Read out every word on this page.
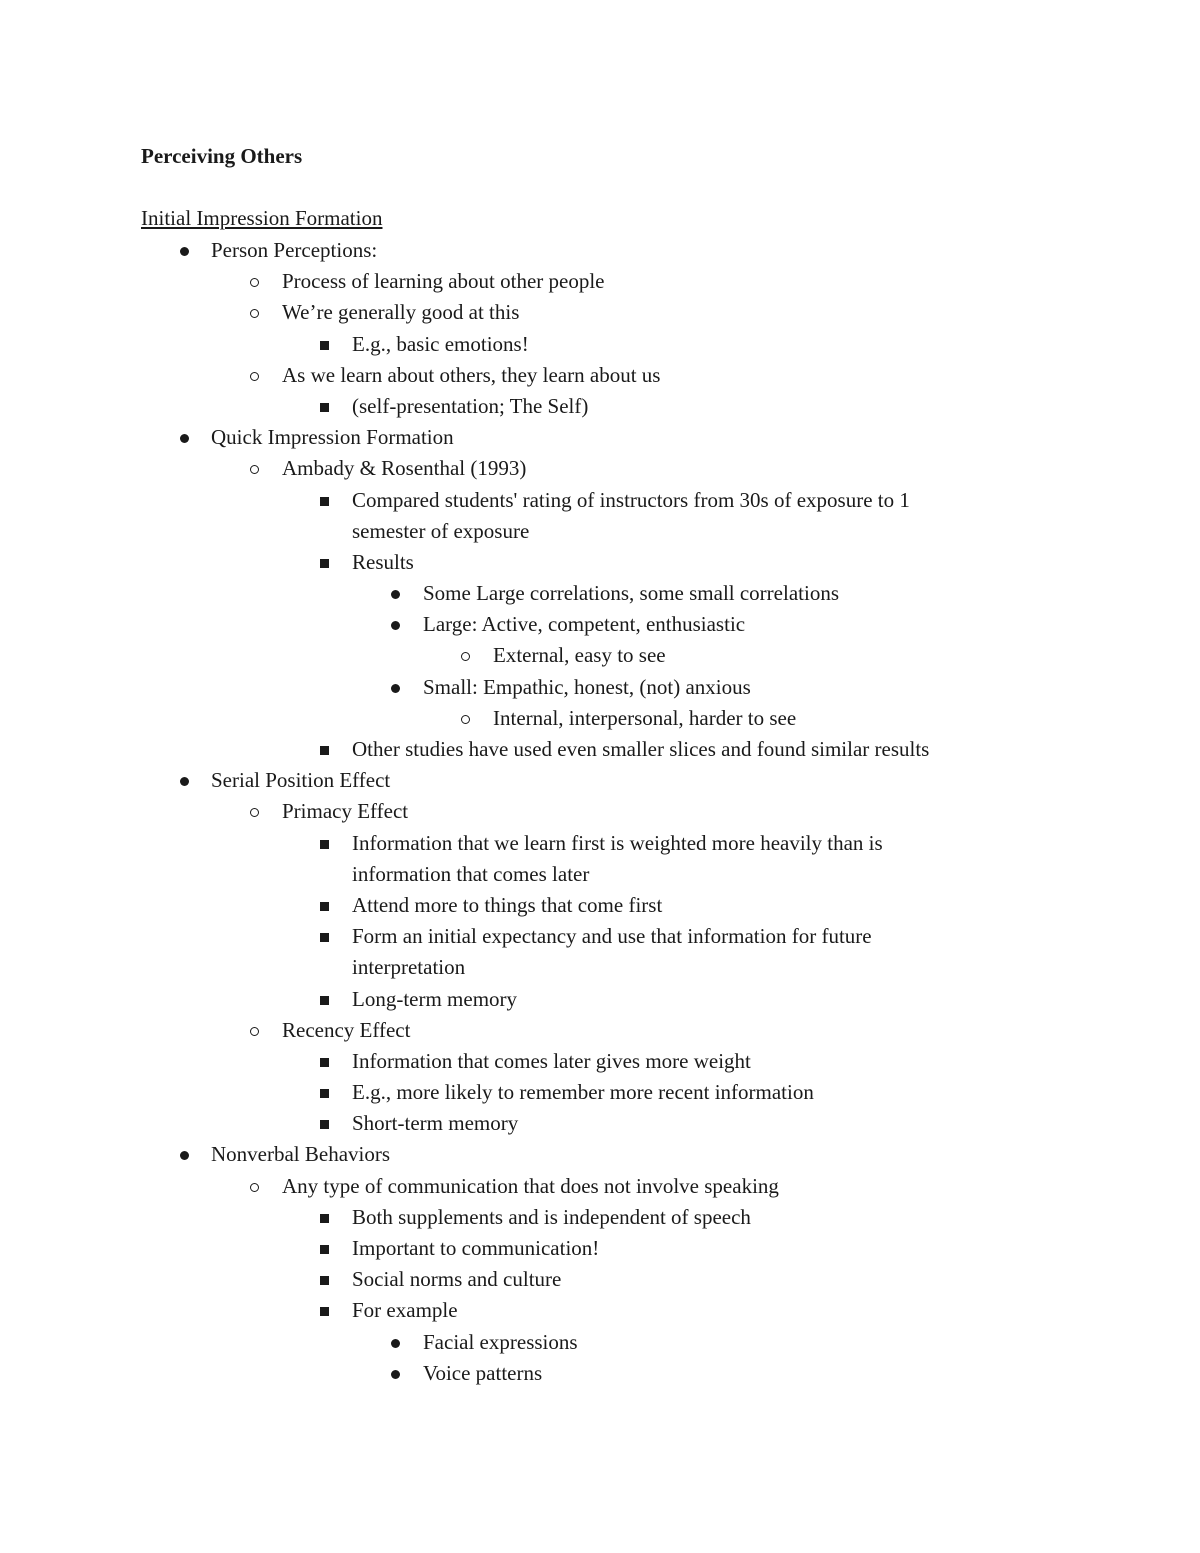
Perceiving Others
Initial Impression Formation
Person Perceptions:
Process of learning about other people
We’re generally good at this
E.g., basic emotions!
As we learn about others, they learn about us
(self-presentation; The Self)
Quick Impression Formation
Ambady & Rosenthal (1993)
Compared students' rating of instructors from 30s of exposure to 1
semester of exposure
Results
Some Large correlations, some small correlations
Large: Active, competent, enthusiastic
External, easy to see
Small: Empathic, honest, (not) anxious
Internal, interpersonal, harder to see
Other studies have used even smaller slices and found similar results
Serial Position Effect
Primacy Effect
Information that we learn first is weighted more heavily than is
information that comes later
Attend more to things that come first
Form an initial expectancy and use that information for future
interpretation
Long-term memory
Recency Effect
Information that comes later gives more weight
E.g., more likely to remember more recent information
Short-term memory
Nonverbal Behaviors
Any type of communication that does not involve speaking
Both supplements and is independent of speech
Important to communication!
Social norms and culture
For example
Facial expressions
Voice patterns
